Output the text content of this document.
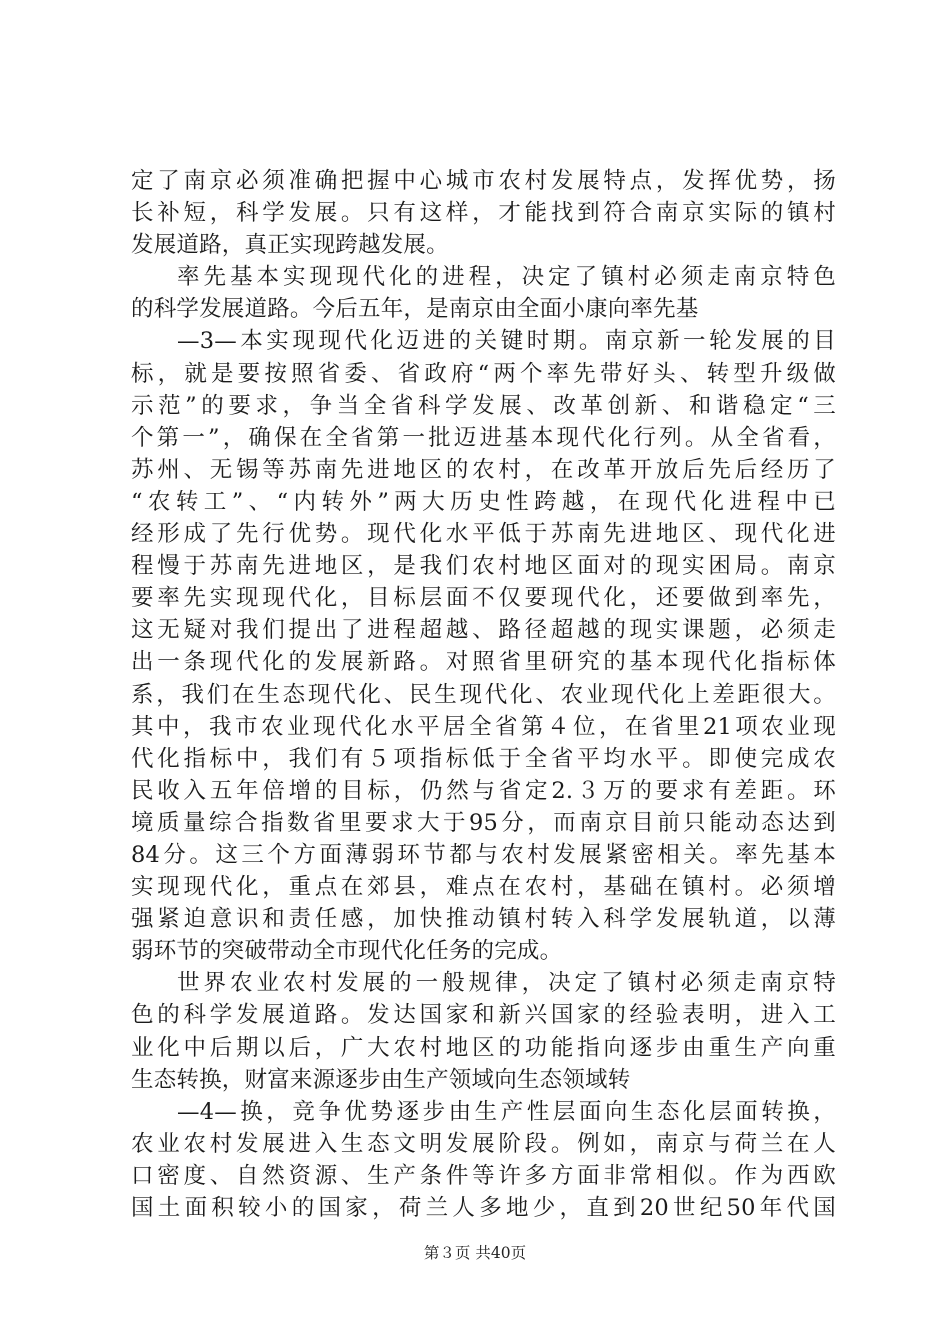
定了南京必须准确把握中心城市农村发展特点，发挥优势，扬
长补短，科学发展。只有这样，才能找到符合南京实际的镇村
发展道路，真正实现跨越发展。
率先基本实现现代化的进程，决定了镇村必须走南京特色
的科学发展道路。今后五年，是南京由全面小康向率先基
—3—本实现现代化迈进的关键时期。南京新一轮发展的目
标，就是要按照省委、省政府“两个率先带好头、转型升级做
示范”的要求，争当全省科学发展、改革创新、和谐稳定“三
个第一”，确保在全省第一批迈进基本现代化行列。从全省看，
苏州、无锡等苏南先进地区的农村，在改革开放后先后经历了
“农转工”、“内转外”两大历史性跨越，在现代化进程中已
经形成了先行优势。现代化水平低于苏南先进地区、现代化进
程慢于苏南先进地区，是我们农村地区面对的现实困局。南京
要率先实现现代化，目标层面不仅要现代化，还要做到率先，
这无疑对我们提出了进程超越、路径超越的现实课题，必须走
出一条现代化的发展新路。对照省里研究的基本现代化指标体
系，我们在生态现代化、民生现代化、农业现代化上差距很大。
其中，我市农业现代化水平居全省第４位，在省里21项农业现
代化指标中，我们有５项指标低于全省平均水平。即使完成农
民收入五年倍增的目标，仍然与省定2.３万的要求有差距。环
境质量综合指数省里要求大于95分，而南京目前只能动态达到
84分。这三个方面薄弱环节都与农村发展紧密相关。率先基本
实现现代化，重点在郊县，难点在农村，基础在镇村。必须增
强紧迫意识和责任感，加快推动镇村转入科学发展轨道，以薄
弱环节的突破带动全市现代化任务的完成。
世界农业农村发展的一般规律，决定了镇村必须走南京特
色的科学发展道路。发达国家和新兴国家的经验表明，进入工
业化中后期以后，广大农村地区的功能指向逐步由重生产向重
生态转换，财富来源逐步由生产领域向生态领域转
—4—换，竞争优势逐步由生产性层面向生态化层面转换，
农业农村发展进入生态文明发展阶段。例如，南京与荷兰在人
口密度、自然资源、生产条件等许多方面非常相似。作为西欧
国土面积较小的国家，荷兰人多地少，直到20世纪50年代国
第３页 共40页
